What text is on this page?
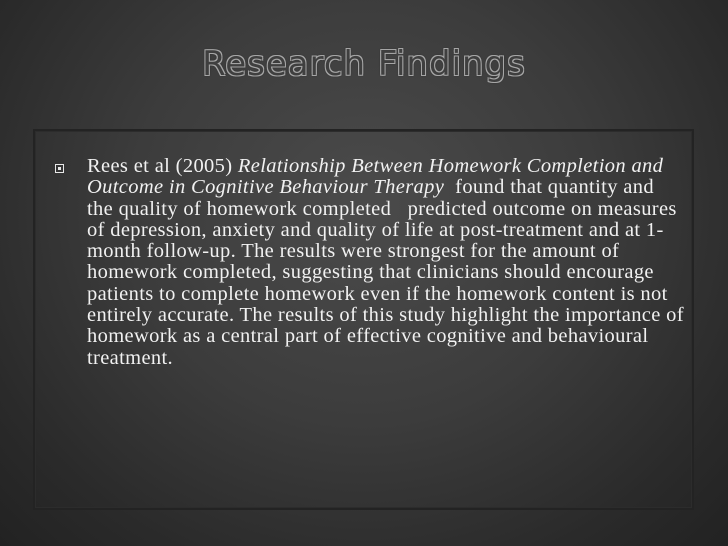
Research Findings

Rees et al (2005) Relationship Between Homework Completion and Outcome in Cognitive Behaviour Therapy found that quantity and the quality of homework completed   predicted outcome on measures of depression, anxiety and quality of life at post-treatment and at 1-month follow-up. The results were strongest for the amount of homework completed, suggesting that clinicians should encourage patients to complete homework even if the homework content is not entirely accurate. The results of this study highlight the importance of homework as a central part of effective cognitive and behavioural treatment.
